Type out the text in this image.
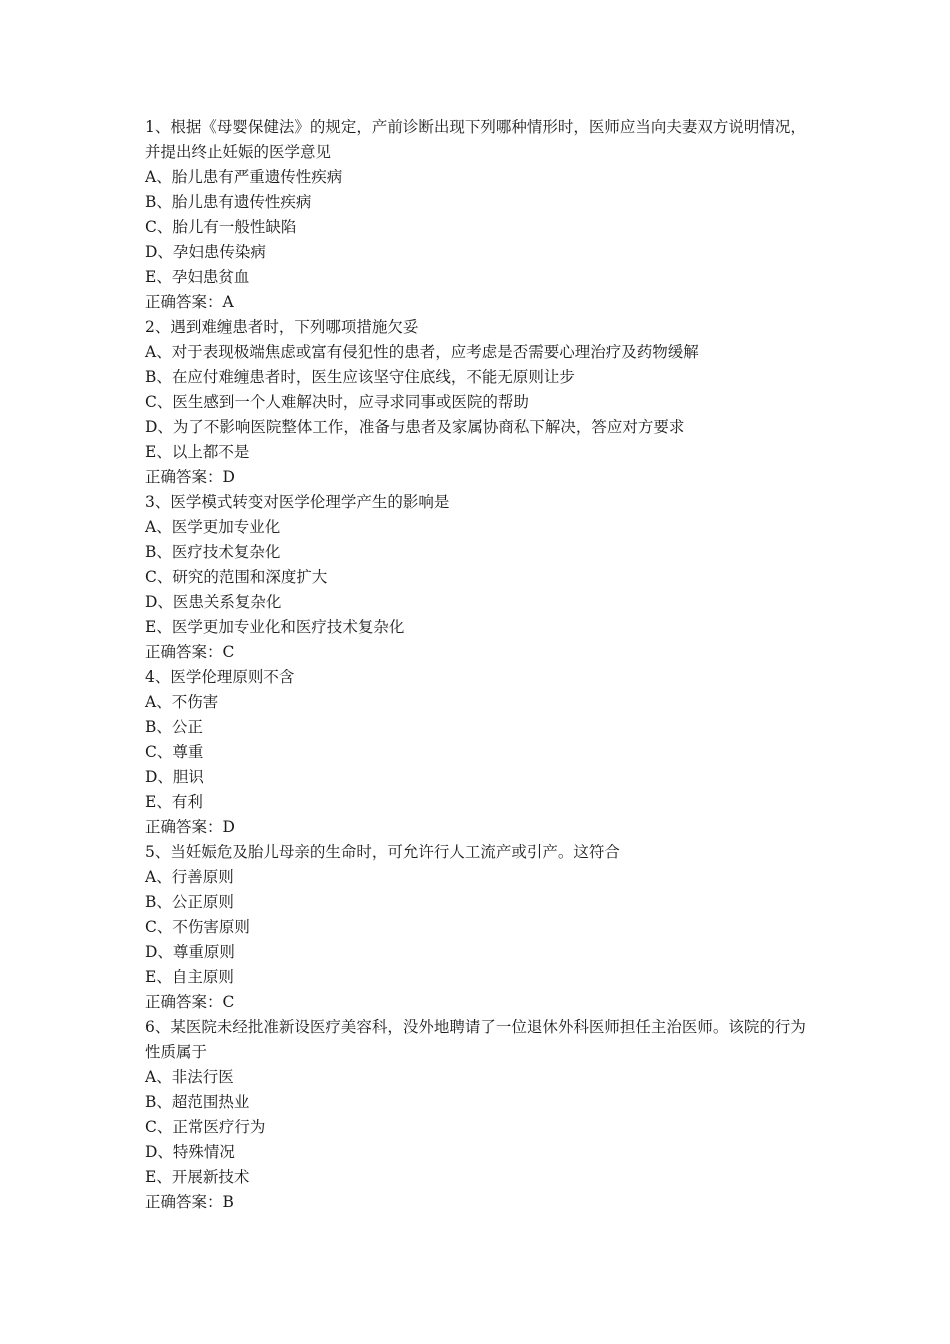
1、根据《母婴保健法》的规定，产前诊断出现下列哪种情形时，医师应当向夫妻双方说明情况，并提出终止妊娠的医学意见

A、胎儿患有严重遗传性疾病

B、胎儿患有遗传性疾病

C、胎儿有一般性缺陷

D、孕妇患传染病

E、孕妇患贫血

正确答案：A

2、遇到难缠患者时，下列哪项措施欠妥

A、对于表现极端焦虑或富有侵犯性的患者，应考虑是否需要心理治疗及药物缓解

B、在应付难缠患者时，医生应该坚守住底线，不能无原则让步

C、医生感到一个人难解决时，应寻求同事或医院的帮助

D、为了不影响医院整体工作，准备与患者及家属协商私下解决，答应对方要求

E、以上都不是

正确答案：D

3、医学模式转变对医学伦理学产生的影响是

A、医学更加专业化

B、医疗技术复杂化

C、研究的范围和深度扩大

D、医患关系复杂化

E、医学更加专业化和医疗技术复杂化

正确答案：C

4、医学伦理原则不含

A、不伤害

B、公正

C、尊重

D、胆识

E、有利

正确答案：D

5、当妊娠危及胎儿母亲的生命时，可允许行人工流产或引产。这符合

A、行善原则

B、公正原则

C、不伤害原则

D、尊重原则

E、自主原则

正确答案：C

6、某医院未经批准新设医疗美容科，没外地聘请了一位退休外科医师担任主治医师。该院的行为性质属于

A、非法行医

B、超范围热业

C、正常医疗行为

D、特殊情况

E、开展新技术

正确答案：B
